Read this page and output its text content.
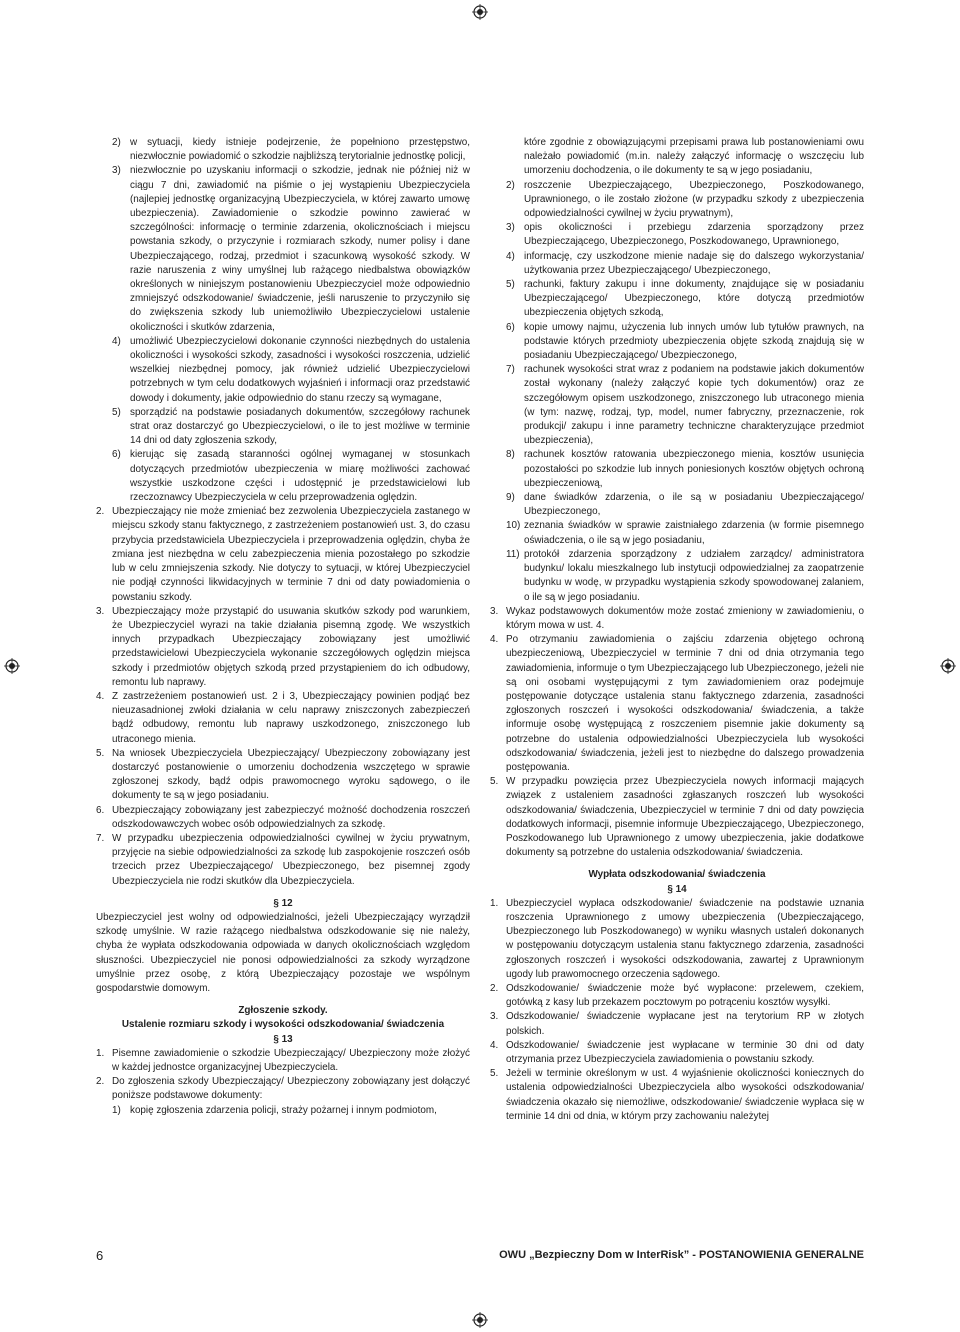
2) w sytuacji, kiedy istnieje podejrzenie, że popełniono przestępstwo, niezwłocznie powiadomić o szkodzie najbliższą terytorialnie jednostkę policji,
3) niezwłocznie po uzyskaniu informacji o szkodzie, jednak nie później niż w ciągu 7 dni, zawiadomić na piśmie o jej wystąpieniu Ubezpieczyciela (najlepiej jednostkę organizacyjną Ubezpieczyciela, w której zawarto umowę ubezpieczenia). Zawiadomienie o szkodzie powinno zawierać w szczególności: informację o terminie zdarzenia, okolicznościach i miejscu powstania szkody, o przyczynie i rozmiarach szkody, numer polisy i dane Ubezpieczającego, rodzaj, przedmiot i szacunkową wysokość szkody. W razie naruszenia z winy umyślnej lub rażącego niedbalstwa obowiązków określonych w niniejszym postanowieniu Ubezpieczyciel może odpowiednio zmniejszyć odszkodowanie/ świadczenie, jeśli naruszenie to przyczyniło się do zwiększenia szkody lub uniemożliwiło Ubezpieczycielowi ustalenie okoliczności i skutków zdarzenia,
4) umożliwić Ubezpieczycielowi dokonanie czynności niezbędnych do ustalenia okoliczności i wysokości szkody, zasadności i wysokości roszczenia, udzielić wszelkiej niezbędnej pomocy, jak również udzielić Ubezpieczycielowi potrzebnych w tym celu dodatkowych wyjaśnień i informacji oraz przedstawić dowody i dokumenty, jakie odpowiednio do stanu rzeczy są wymagane,
5) sporządzić na podstawie posiadanych dokumentów, szczegółowy rachunek strat oraz dostarczyć go Ubezpieczycielowi, o ile to jest możliwe w terminie 14 dni od daty zgłoszenia szkody,
6) kierując się zasadą staranności ogólnej wymaganej w stosunkach dotyczących przedmiotów ubezpieczenia w miarę możliwości zachować wszystkie uszkodzone części i udostępnić je przedstawicielowi lub rzeczoznawcy Ubezpieczyciela w celu przeprowadzenia oględzin.
2. Ubezpieczający nie może zmieniać bez zezwolenia Ubezpieczyciela zastanego w miejscu szkody stanu faktycznego, z zastrzeżeniem postanowień ust. 3, do czasu przybycia przedstawiciela Ubezpieczyciela i przeprowadzenia oględzin, chyba że zmiana jest niezbędna w celu zabezpieczenia mienia pozostałego po szkodzie lub w celu zmniejszenia szkody. Nie dotyczy to sytuacji, w której Ubezpieczyciel nie podjął czynności likwidacyjnych w terminie 7 dni od daty powiadomienia o powstaniu szkody.
3. Ubezpieczający może przystąpić do usuwania skutków szkody pod warunkiem, że Ubezpieczyciel wyrazi na takie działania pisemną zgodę. We wszystkich innych przypadkach Ubezpieczający zobowiązany jest umożliwić przedstawicielowi Ubezpieczyciela wykonanie szczegółowych oględzin miejsca szkody i przedmiotów objętych szkodą przed przystąpieniem do ich odbudowy, remontu lub naprawy.
4. Z zastrzeżeniem postanowień ust. 2 i 3, Ubezpieczający powinien podjąć bez nieuzasadnionej zwłoki działania w celu naprawy zniszczonych zabezpieczeń bądź odbudowy, remontu lub naprawy uszkodzonego, zniszczonego lub utraconego mienia.
5. Na wniosek Ubezpieczyciela Ubezpieczający/ Ubezpieczony zobowiązany jest dostarczyć postanowienie o umorzeniu dochodzenia wszczętego w sprawie zgłoszonej szkody, bądź odpis prawomocnego wyroku sądowego, o ile dokumenty te są w jego posiadaniu.
6. Ubezpieczający zobowiązany jest zabezpieczyć możność dochodzenia roszczeń odszkodowawczych wobec osób odpowiedzialnych za szkodę.
7. W przypadku ubezpieczenia odpowiedzialności cywilnej w życiu prywatnym, przyjęcie na siebie odpowiedzialności za szkodę lub zaspokojenie roszczeń osób trzecich przez Ubezpieczającego/ Ubezpieczonego, bez pisemnej zgody Ubezpieczyciela nie rodzi skutków dla Ubezpieczyciela.

§ 12

Ubezpieczyciel jest wolny od odpowiedzialności, jeżeli Ubezpieczający wyrządził szkodę umyślnie. W razie rażącego niedbalstwa odszkodowanie się nie należy, chyba że wypłata odszkodowania odpowiada w danych okolicznościach względom słuszności. Ubezpieczyciel nie ponosi odpowiedzialności za szkody wyrządzone umyślnie przez osobę, z którą Ubezpieczający pozostaje we wspólnym gospodarstwie domowym.

Zgłoszenie szkody.

Ustalenie rozmiaru szkody i wysokości odszkodowania/ świadczenia

§ 13

1. Pisemne zawiadomienie o szkodzie Ubezpieczający/ Ubezpieczony może złożyć w każdej jednostce organizacyjnej Ubezpieczyciela.
2. Do zgłoszenia szkody Ubezpieczający/ Ubezpieczony zobowiązany jest dołączyć poniższe podstawowe dokumenty:
1) kopię zgłoszenia zdarzenia policji, straży pożarnej i innym podmiotom,
które zgodnie z obowiązującymi przepisami prawa lub postanowieniami owu należało powiadomić (m.in. należy załączyć informację o wszczęciu lub umorzeniu dochodzenia, o ile dokumenty te są w jego posiadaniu,
2) roszczenie Ubezpieczającego, Ubezpieczonego, Poszkodowanego, Uprawnionego, o ile zostało złożone (w przypadku szkody z ubezpieczenia odpowiedzialności cywilnej w życiu prywatnym),
3) opis okoliczności i przebiegu zdarzenia sporządzony przez Ubezpieczającego, Ubezpieczonego, Poszkodowanego, Uprawnionego,
4) informację, czy uszkodzone mienie nadaje się do dalszego wykorzystania/ użytkowania przez Ubezpieczającego/ Ubezpieczonego,
5) rachunki, faktury zakupu i inne dokumenty, znajdujące się w posiadaniu Ubezpieczającego/ Ubezpieczonego, które dotyczą przedmiotów ubezpieczenia objętych szkodą,
6) kopie umowy najmu, użyczenia lub innych umów lub tytułów prawnych, na podstawie których przedmioty ubezpieczenia objęte szkodą znajdują się w posiadaniu Ubezpieczającego/ Ubezpieczonego,
7) rachunek wysokości strat wraz z podaniem na podstawie jakich dokumentów został wykonany (należy załączyć kopie tych dokumentów) oraz ze szczegółowym opisem uszkodzonego, zniszczonego lub utraconego mienia (w tym: nazwę, rodzaj, typ, model, numer fabryczny, przeznaczenie, rok produkcji/ zakupu i inne parametry techniczne charakteryzujące przedmiot ubezpieczenia),
8) rachunek kosztów ratowania ubezpieczonego mienia, kosztów usunięcia pozostałości po szkodzie lub innych poniesionych kosztów objętych ochroną ubezpieczeniową,
9) dane świadków zdarzenia, o ile są w posiadaniu Ubezpieczającego/ Ubezpieczonego,
10) zeznania świadków w sprawie zaistniałego zdarzenia (w formie pisemnego oświadczenia, o ile są w jego posiadaniu,
11) protokół zdarzenia sporządzony z udziałem zarządcy/ administratora budynku/ lokalu mieszkalnego lub instytucji odpowiedzialnej za zaopatrzenie budynku w wodę, w przypadku wystąpienia szkody spowodowanej zalaniem, o ile są w jego posiadaniu.
3. Wykaz podstawowych dokumentów może zostać zmieniony w zawiadomieniu, o którym mowa w ust. 4.
4. Po otrzymaniu zawiadomienia o zajściu zdarzenia objętego ochroną ubezpieczeniową, Ubezpieczyciel w terminie 7 dni od dnia otrzymania tego zawiadomienia, informuje o tym Ubezpieczającego lub Ubezpieczonego, jeżeli nie są oni osobami występującymi z tym zawiadomieniem oraz podejmuje postępowanie dotyczące ustalenia stanu faktycznego zdarzenia, zasadności zgłoszonych roszczeń i wysokości odszkodowania/ świadczenia, a także informuje osobę występującą z roszczeniem pisemnie jakie dokumenty są potrzebne do ustalenia odpowiedzialności Ubezpieczyciela lub wysokości odszkodowania/ świadczenia, jeżeli jest to niezbędne do dalszego prowadzenia postępowania.
5. W przypadku powzięcia przez Ubezpieczyciela nowych informacji mających związek z ustaleniem zasadności zgłaszanych roszczeń lub wysokości odszkodowania/ świadczenia, Ubezpieczyciel w terminie 7 dni od daty powzięcia dodatkowych informacji, pisemnie informuje Ubezpieczającego, Ubezpieczonego, Poszkodowanego lub Uprawnionego z umowy ubezpieczenia, jakie dodatkowe dokumenty są potrzebne do ustalenia odszkodowania/ świadczenia.

Wypłata odszkodowania/ świadczenia

§ 14

1. Ubezpieczyciel wypłaca odszkodowanie/ świadczenie na podstawie uznania roszczenia Uprawnionego z umowy ubezpieczenia (Ubezpieczającego, Ubezpieczonego lub Poszkodowanego) w wyniku własnych ustaleń dokonanych w postępowaniu dotyczącym ustalenia stanu faktycznego zdarzenia, zasadności zgłoszonych roszczeń i wysokości odszkodowania, zawartej z Uprawnionym ugody lub prawomocnego orzeczenia sądowego.
2. Odszkodowanie/ świadczenie może być wypłacone: przelewem, czekiem, gotówką z kasy lub przekazem pocztowym po potrąceniu kosztów wysyłki.
3. Odszkodowanie/ świadczenie wypłacane jest na terytorium RP w złotych polskich.
4. Odszkodowanie/ świadczenie jest wypłacane w terminie 30 dni od daty otrzymania przez Ubezpieczyciela zawiadomienia o powstaniu szkody.
5. Jeżeli w terminie określonym w ust. 4 wyjaśnienie okoliczności koniecznych do ustalenia odpowiedzialności Ubezpieczyciela albo wysokości odszkodowania/ świadczenia okazało się niemożliwe, odszkodowanie/ świadczenie wypłaca się w terminie 14 dni od dnia, w którym przy zachowaniu należytej
6	OWU „Bezpieczny Dom w InterRisk” - POSTANOWIENIA GENERALNE
